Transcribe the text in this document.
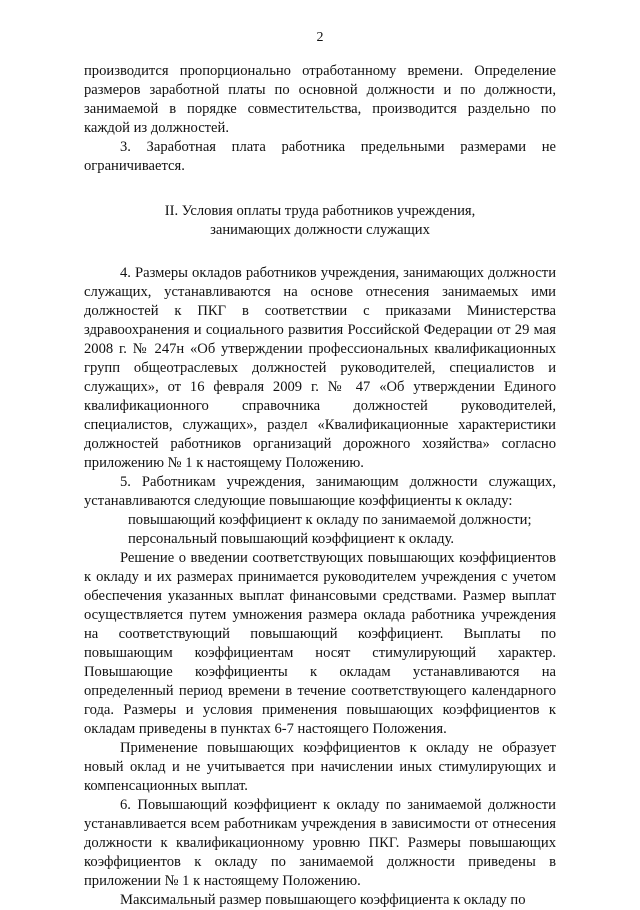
2

производится пропорционально отработанному времени. Определение размеров заработной платы по основной должности и по должности, занимаемой в порядке совместительства, производится раздельно по каждой из должностей.

3. Заработная плата работника предельными размерами не ограничивается.

II. Условия оплаты труда работников учреждения,
занимающих должности служащих

4. Размеры окладов работников учреждения, занимающих должности служащих, устанавливаются на основе отнесения занимаемых ими должностей к ПКГ в соответствии с приказами Министерства здравоохранения и социального развития Российской Федерации от 29 мая 2008 г. № 247н «Об утверждении профессиональных квалификационных групп общеотраслевых должностей руководителей, специалистов и служащих», от 16 февраля 2009 г. № 47 «Об утверждении Единого квалификационного справочника должностей руководителей, специалистов, служащих», раздел «Квалификационные характеристики должностей работников организаций дорожного хозяйства» согласно приложению № 1 к настоящему Положению.

5. Работникам учреждения, занимающим должности служащих, устанавливаются следующие повышающие коэффициенты к окладу:

повышающий коэффициент к окладу по занимаемой должности;

персональный повышающий коэффициент к окладу.

Решение о введении соответствующих повышающих коэффициентов к окладу и их размерах принимается руководителем учреждения с учетом обеспечения указанных выплат финансовыми средствами. Размер выплат осуществляется путем умножения размера оклада работника учреждения на соответствующий повышающий коэффициент. Выплаты по повышающим коэффициентам носят стимулирующий характер. Повышающие коэффициенты к окладам устанавливаются на определенный период времени в течение соответствующего календарного года. Размеры и условия применения повышающих коэффициентов к окладам приведены в пунктах 6-7 настоящего Положения.

Применение повышающих коэффициентов к окладу не образует новый оклад и не учитывается при начислении иных стимулирующих и компенсационных выплат.

6. Повышающий коэффициент к окладу по занимаемой должности устанавливается всем работникам учреждения в зависимости от отнесения должности к квалификационному уровню ПКГ. Размеры повышающих коэффициентов к окладу по занимаемой должности приведены в приложении № 1 к настоящему Положению.

Максимальный размер повышающего коэффициента к окладу по
